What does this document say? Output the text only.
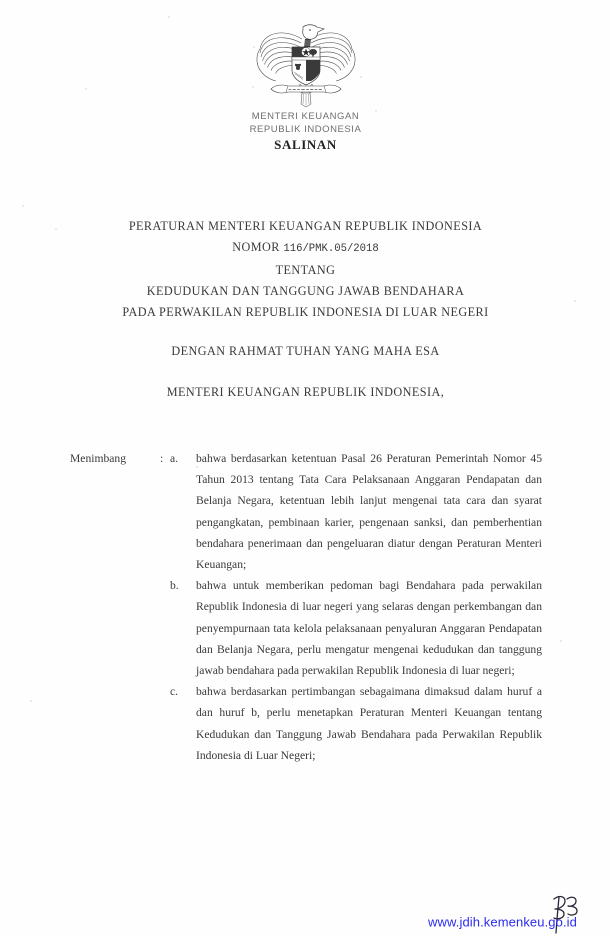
MENTERI KEUANGAN
REPUBLIK INDONESIA
SALINAN
PERATURAN MENTERI KEUANGAN REPUBLIK INDONESIA
NOMOR 116/PMK.05/2018
TENTANG
KEDUDUKAN DAN TANGGUNG JAWAB BENDAHARA
PADA PERWAKILAN REPUBLIK INDONESIA DI LUAR NEGERI
DENGAN RAHMAT TUHAN YANG MAHA ESA
MENTERI KEUANGAN REPUBLIK INDONESIA,
Menimbang	: a.	bahwa berdasarkan ketentuan Pasal 26 Peraturan Pemerintah Nomor 45 Tahun 2013 tentang Tata Cara Pelaksanaan Anggaran Pendapatan dan Belanja Negara, ketentuan lebih lanjut mengenai tata cara dan syarat pengangkatan, pembinaan karier, pengenaan sanksi, dan pemberhentian bendahara penerimaan dan pengeluaran diatur dengan Peraturan Menteri Keuangan;
b.	bahwa untuk memberikan pedoman bagi Bendahara pada perwakilan Republik Indonesia di luar negeri yang selaras dengan perkembangan dan penyempurnaan tata kelola pelaksanaan penyaluran Anggaran Pendapatan dan Belanja Negara, perlu mengatur mengenai kedudukan dan tanggung jawab bendahara pada perwakilan Republik Indonesia di luar negeri;
c.	bahwa berdasarkan pertimbangan sebagaimana dimaksud dalam huruf a dan huruf b, perlu menetapkan Peraturan Menteri Keuangan tentang Kedudukan dan Tanggung Jawab Bendahara pada Perwakilan Republik Indonesia di Luar Negeri;
www.jdih.kemenkeu.go.id
